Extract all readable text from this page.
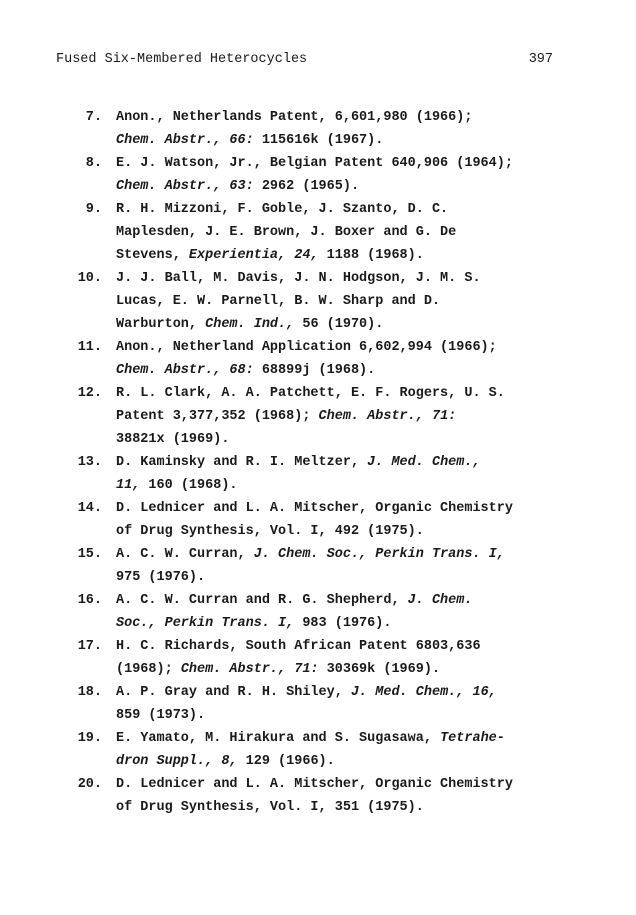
Fused Six-Membered Heterocycles	397
7. Anon., Netherlands Patent, 6,601,980 (1966);
Chem. Abstr., 66: 115616k (1967).
8. E. J. Watson, Jr., Belgian Patent 640,906 (1964);
Chem. Abstr., 63: 2962 (1965).
9. R. H. Mizzoni, F. Goble, J. Szanto, D. C.
Maplesden, J. E. Brown, J. Boxer and G. De
Stevens, Experientia, 24, 1188 (1968).
10. J. J. Ball, M. Davis, J. N. Hodgson, J. M. S.
Lucas, E. W. Parnell, B. W. Sharp and D.
Warburton, Chem. Ind., 56 (1970).
11. Anon., Netherland Application 6,602,994 (1966);
Chem. Abstr., 68: 68899j (1968).
12. R. L. Clark, A. A. Patchett, E. F. Rogers, U. S.
Patent 3,377,352 (1968); Chem. Abstr., 71:
38821x (1969).
13. D. Kaminsky and R. I. Meltzer, J. Med. Chem.,
11, 160 (1968).
14. D. Lednicer and L. A. Mitscher, Organic Chemistry
of Drug Synthesis, Vol. I, 492 (1975).
15. A. C. W. Curran, J. Chem. Soc., Perkin Trans. I,
975 (1976).
16. A. C. W. Curran and R. G. Shepherd, J. Chem.
Soc., Perkin Trans. I, 983 (1976).
17. H. C. Richards, South African Patent 6803,636
(1968); Chem. Abstr., 71: 30369k (1969).
18. A. P. Gray and R. H. Shiley, J. Med. Chem., 16,
859 (1973).
19. E. Yamato, M. Hirakura and S. Sugasawa, Tetrahe-
dron Suppl., 8, 129 (1966).
20. D. Lednicer and L. A. Mitscher, Organic Chemistry
of Drug Synthesis, Vol. I, 351 (1975).
